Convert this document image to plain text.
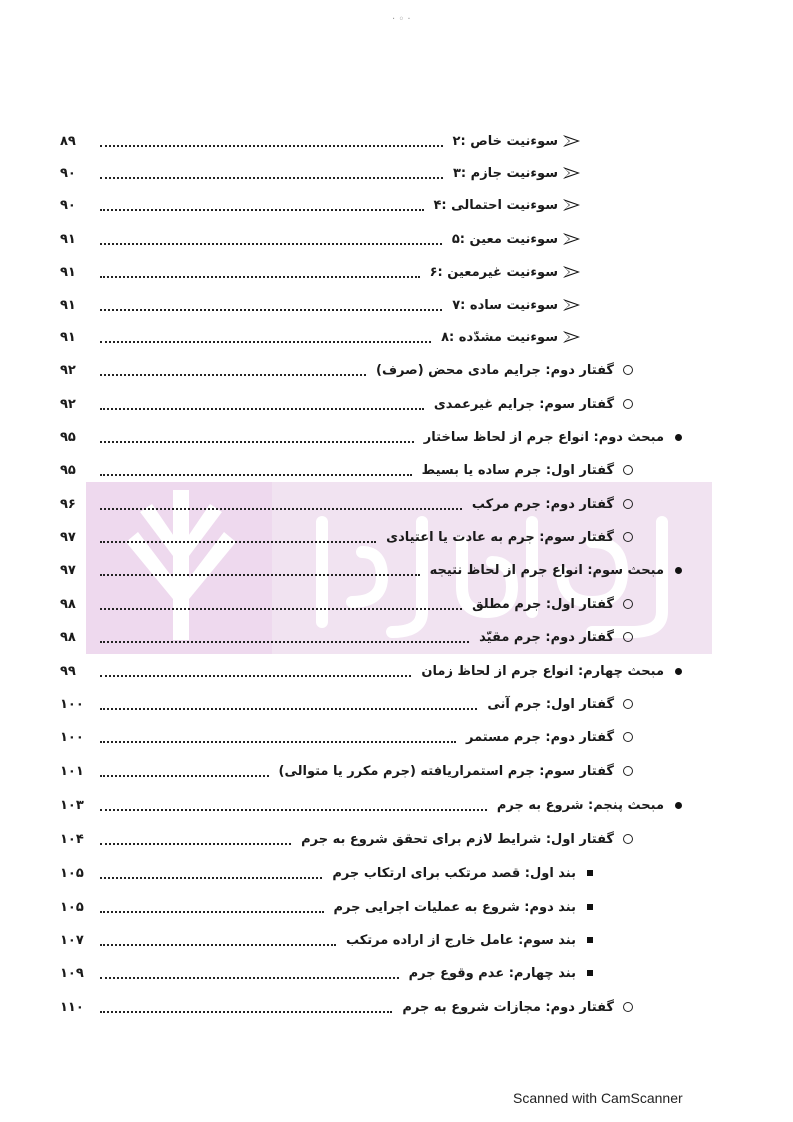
· ◦ ·
۸۹	۲: سوءنیت خاص
۹۰	۳: سوءنیت جازم
۹۰	۴: سوءنیت احتمالی
۹۱	۵: سوءنیت معین
۹۱	۶: سوءنیت غیرمعین
۹۱	۷: سوءنیت ساده
۹۱	۸: سوءنیت مشدّده
۹۲	گفتار دوم: جرایم مادی محض (صرف)
۹۲	گفتار سوم: جرایم غیرعمدی
۹۵	مبحث دوم: انواع جرم از لحاظ ساختار
۹۵	گفتار اول: جرم ساده یا بسیط
۹۶	گفتار دوم: جرم مرکب
۹۷	گفتار سوم: جرم به عادت یا اعتیادی
۹۷	مبحث سوم: انواع جرم از لحاظ نتیجه
۹۸	گفتار اول: جرم مطلق
۹۸	گفتار دوم: جرم مقیّد
۹۹	مبحث چهارم: انواع جرم از لحاظ زمان
۱۰۰	گفتار اول: جرم آنی
۱۰۰	گفتار دوم: جرم مستمر
۱۰۱	گفتار سوم: جرم استمراریافته (جرم مکرر یا متوالی)
۱۰۳	مبحث پنجم: شروع به جرم
۱۰۴	گفتار اول: شرایط لازم برای تحقق شروع به جرم
۱۰۵	بند اول: قصد مرتکب برای ارتکاب جرم
۱۰۵	بند دوم: شروع به عملیات اجرایی جرم
۱۰۷	بند سوم: عامل خارج از اراده مرتکب
۱۰۹	بند چهارم: عدم وقوع جرم
۱۱۰	گفتار دوم: مجازات شروع به جرم
Scanned with CamScanner
